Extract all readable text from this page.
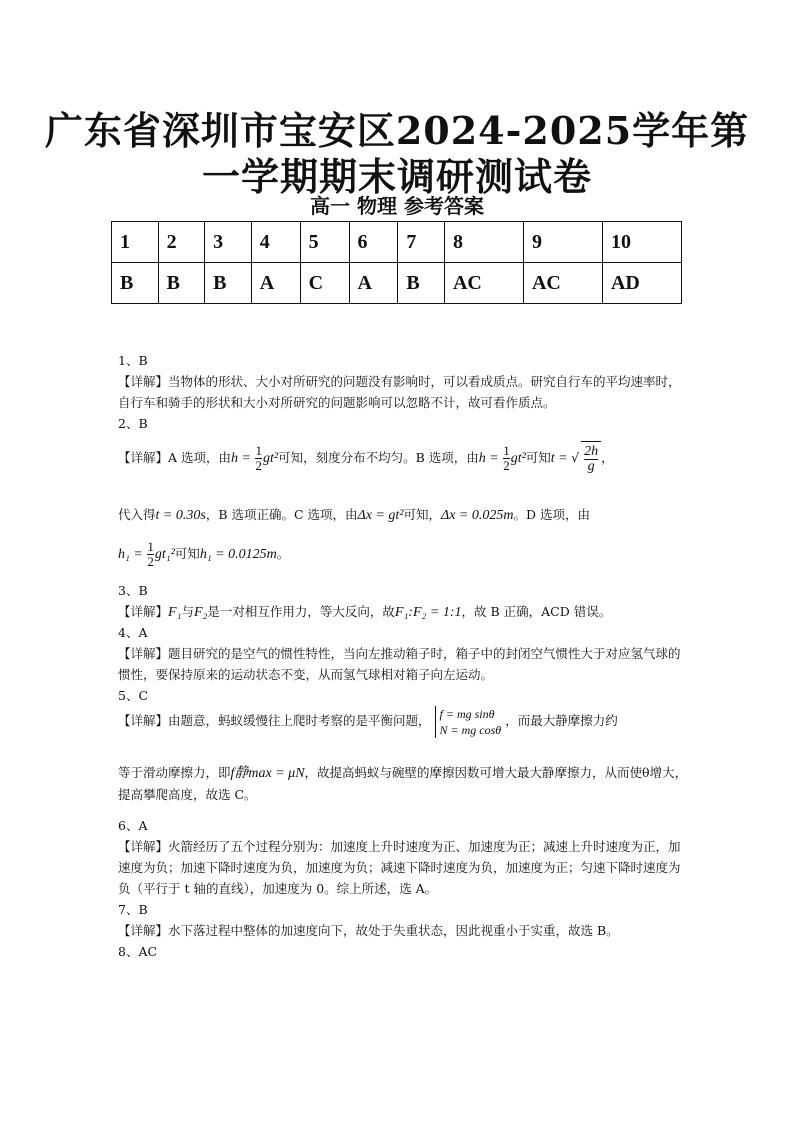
广东省深圳市宝安区2024-2025学年第
一学期期末调研测试卷
高一 物理 参考答案
1	2	3	4	5	6	7	8	9	10
B	B	B	A	C	A	B	AC	AC	AD
1、B
【详解】当物体的形状、大小对所研究的问题没有影响时，可以看成质点。研究自行车的平均速率时，自行车和骑手的形状和大小对所研究的问题影响可以忽略不计，故可看作质点。
2、B
【详解】A 选项，由$h = \frac{1}{2} gt^2$可知，刻度分布不均匀。B 选项，由$h = \frac{1}{2} gt^2$可知t = √ $\frac{2h}{g}$ ，
代入得t = 0.30s，B 选项正确。C 选项，由Δx = gt²可知，Δx = 0.025m。D 选项，由
$h_1 = \frac{1}{2} gt_1^2$可知h₁ = 0.0125m。
3、B
【详解】F₁与F₂是一对相互作用力，等大反向，故F₁:F₂ = 1:1，故 B 正确，ACD 错误。
4、A
【详解】题目研究的是空气的惯性特性，当向左推动箱子时，箱子中的封闭空气惯性大于对应氢气球的惯性，要保持原来的运动状态不变，从而氢气球相对箱子向左运动。
5、C
【详解】由题意，蚂蚁缓慢往上爬时考察的是平衡问题， f = mg sinθ
N = mg cosθ
，而最大静摩擦力约
等于滑动摩擦力，即f静max = μN，故提高蚂蚁与碗壁的摩擦因数可增大最大静摩擦力，从而使θ增大，提高攀爬高度，故选 C。
6、A
【详解】火箭经历了五个过程分别为：加速度上升时速度为正、加速度为正；减速上升时速度为正，加速度为负；加速下降时速度为负，加速度为负；减速下降时速度为负，加速度为正；匀速下降时速度为负（平行于 t 轴的直线），加速度为 0。综上所述，选 A。
7、B
【详解】水下落过程中整体的加速度向下，故处于失重状态，因此视重小于实重，故选 B。
8、AC
